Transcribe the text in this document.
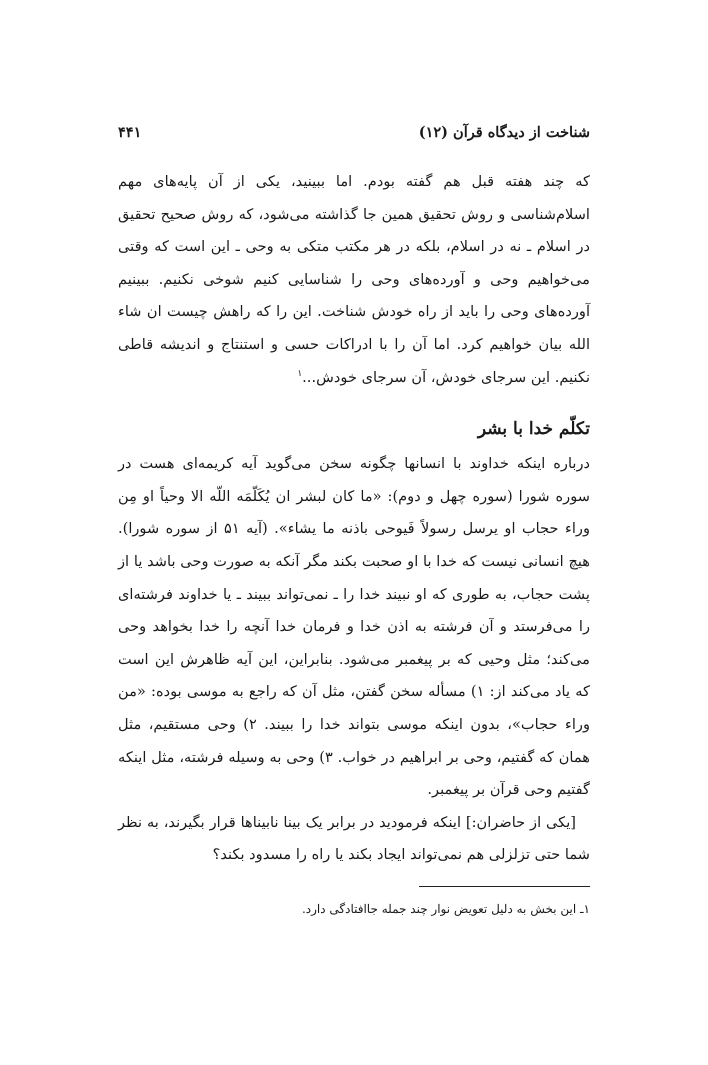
۴۴۱	شناخت از دیدگاه قرآن (۱۲)

که چند هفته قبل هم گفته بودم. اما ببینید، یکی از آن پایه‌های مهم اسلام‌شناسی و روش تحقیق همین جا گذاشته می‌شود، که روش صحیح تحقیق در اسلام ـ نه در اسلام، بلکه در هر مکتب متکی به وحی ـ این است که وقتی می‌خواهیم وحی و آورده‌های وحی را شناسایی کنیم شوخی نکنیم. ببینیم آورده‌های وحی را باید از راه خودش شناخت. این را که راهش چیست ان شاء الله بیان خواهیم کرد. اما آن را با ادراکات حسی و استنتاج و اندیشه قاطی نکنیم. این سرجای خودش، آن سرجای خودش...$^۱$

تکلّم خدا با بشر

درباره اینکه خداوند با انسانها چگونه سخن می‌گوید آیه کریمه‌ای هست در سوره شورا (سوره چهل و دوم): «ما کان لبشر ان یُکَلّمَه اللّه الا وحیاً او مِن وراء حجاب او یرسل رسولاً فَیوحی باذنه ما یشاء». (آیه ۵۱ از سوره شورا). هیچ انسانی نیست که خدا با او صحبت بکند مگر آنکه به صورت وحی باشد یا از پشت حجاب، به طوری که او نبیند خدا را ـ نمی‌تواند ببیند ـ یا خداوند فرشته‌ای را می‌فرستد و آن فرشته به اذن خدا و فرمان خدا آنچه را خدا بخواهد وحی می‌کند؛ مثل وحیی که بر پیغمبر می‌شود. بنابراین، این آیه ظاهرش این است که یاد می‌کند از: ۱) مسأله سخن گفتن، مثل آن که راجع به موسی بوده: «من وراء حجاب»، بدون اینکه موسی بتواند خدا را ببیند. ۲) وحی مستقیم، مثل همان که گفتیم، وحی بر ابراهیم در خواب. ۳) وحی به وسیله فرشته، مثل اینکه گفتیم وحی قرآن بر پیغمبر.

[یکی از حاضران:] اینکه فرمودید در برابر یک بینا نابیناها قرار بگیرند، به نظر شما حتی تزلزلی هم نمی‌تواند ایجاد بکند یا راه را مسدود بکند؟

۱ـ این بخش به دلیل تعویض نوار چند جمله جاافتادگی دارد.
